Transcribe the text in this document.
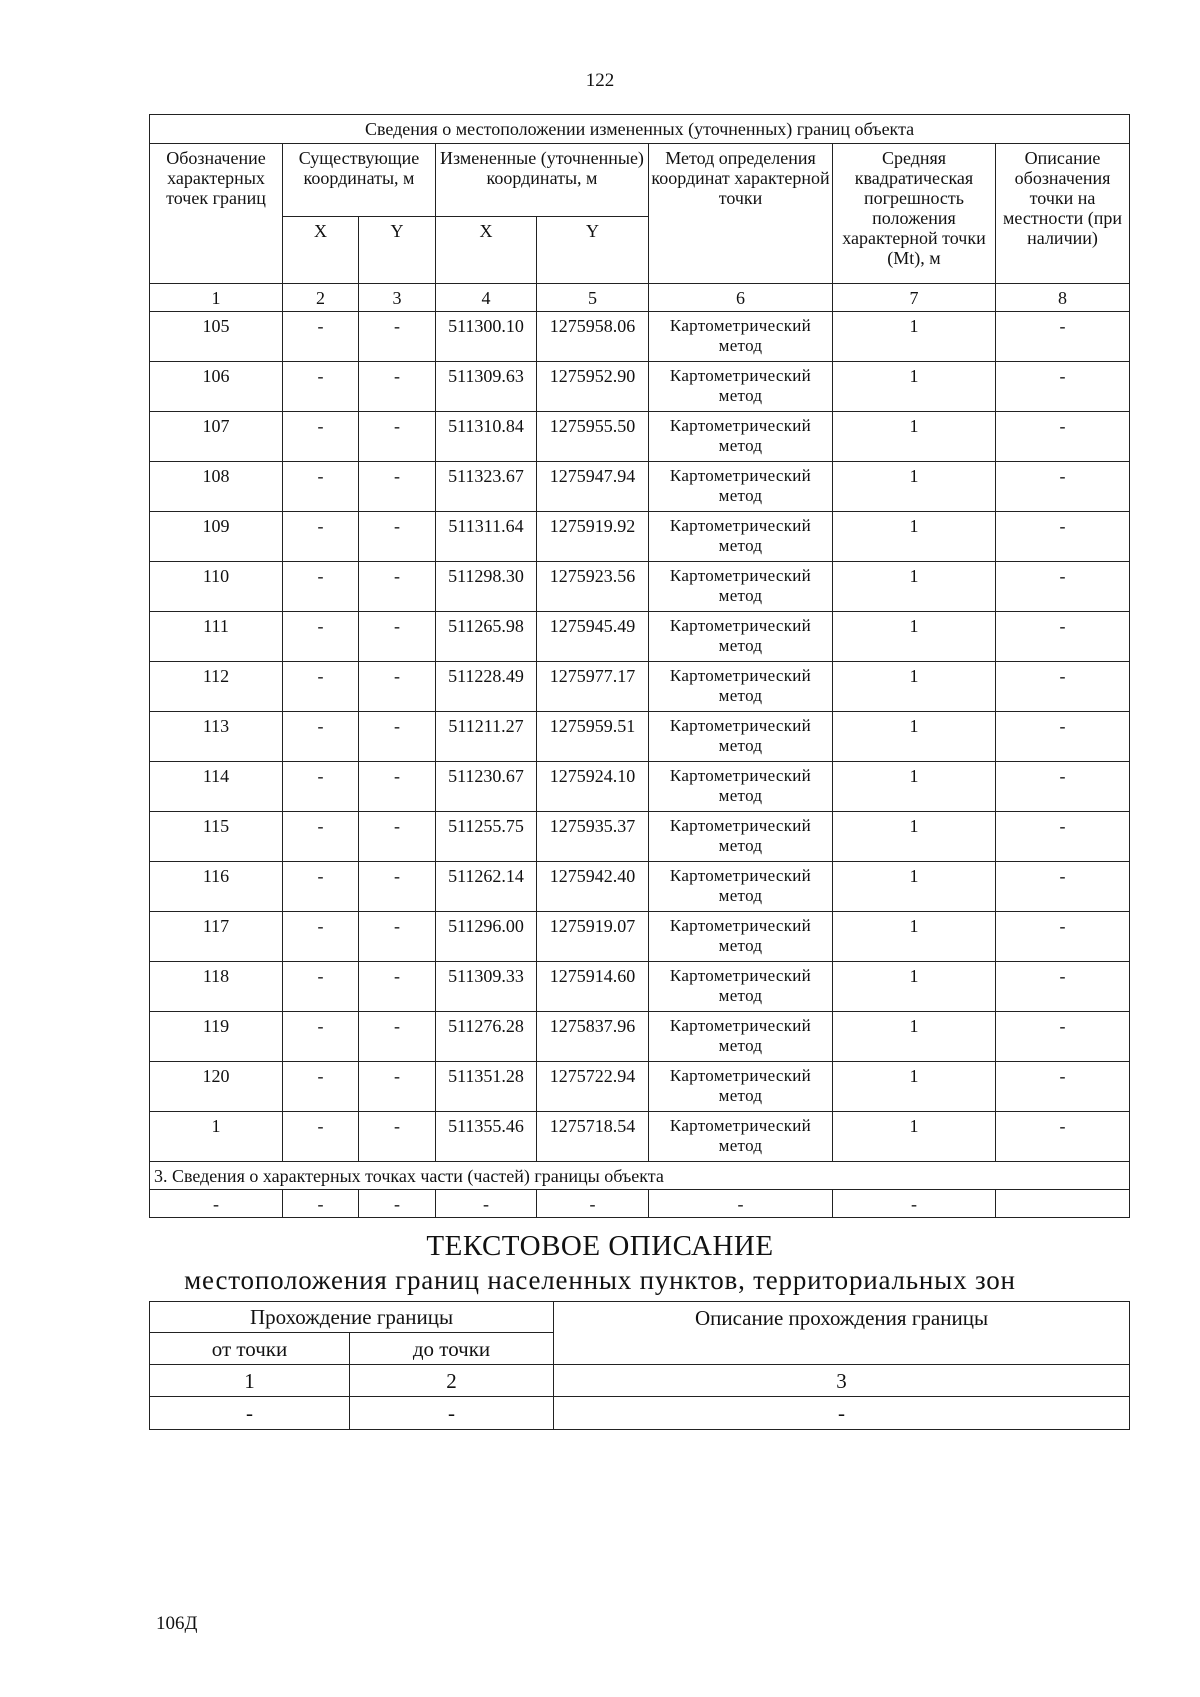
122
Сведения о местоположении измененных (уточненных) границ объекта							
Обозначение характерных точек границ	Существующие координаты, м		Измененные (уточненные) координаты, м		Метод определения координат характерной точки	Средняя квадратическая погрешность положения характерной точки (Mt), м	Описание обозначения точки на местности (при наличии)
	X	Y	X	Y			
1	2	3	4	5	6	7	8
105	-	-	511300.10	1275958.06	Картометрический метод	1	-
106	-	-	511309.63	1275952.90	Картометрический метод	1	-
107	-	-	511310.84	1275955.50	Картометрический метод	1	-
108	-	-	511323.67	1275947.94	Картометрический метод	1	-
109	-	-	511311.64	1275919.92	Картометрический метод	1	-
110	-	-	511298.30	1275923.56	Картометрический метод	1	-
111	-	-	511265.98	1275945.49	Картометрический метод	1	-
112	-	-	511228.49	1275977.17	Картометрический метод	1	-
113	-	-	511211.27	1275959.51	Картометрический метод	1	-
114	-	-	511230.67	1275924.10	Картометрический метод	1	-
115	-	-	511255.75	1275935.37	Картометрический метод	1	-
116	-	-	511262.14	1275942.40	Картометрический метод	1	-
117	-	-	511296.00	1275919.07	Картометрический метод	1	-
118	-	-	511309.33	1275914.60	Картометрический метод	1	-
119	-	-	511276.28	1275837.96	Картометрический метод	1	-
120	-	-	511351.28	1275722.94	Картометрический метод	1	-
1	-	-	511355.46	1275718.54	Картометрический метод	1	-
3. Сведения о характерных точках части (частей) границы объекта							
-	-	-	-	-	-	-	
ТЕКСТОВОЕ ОПИСАНИЕ
местоположения границ населенных пунктов, территориальных зон
Прохождение границы		Описание прохождения границы
от точки	до точки	
1	2	3
-	-	-
106Д
